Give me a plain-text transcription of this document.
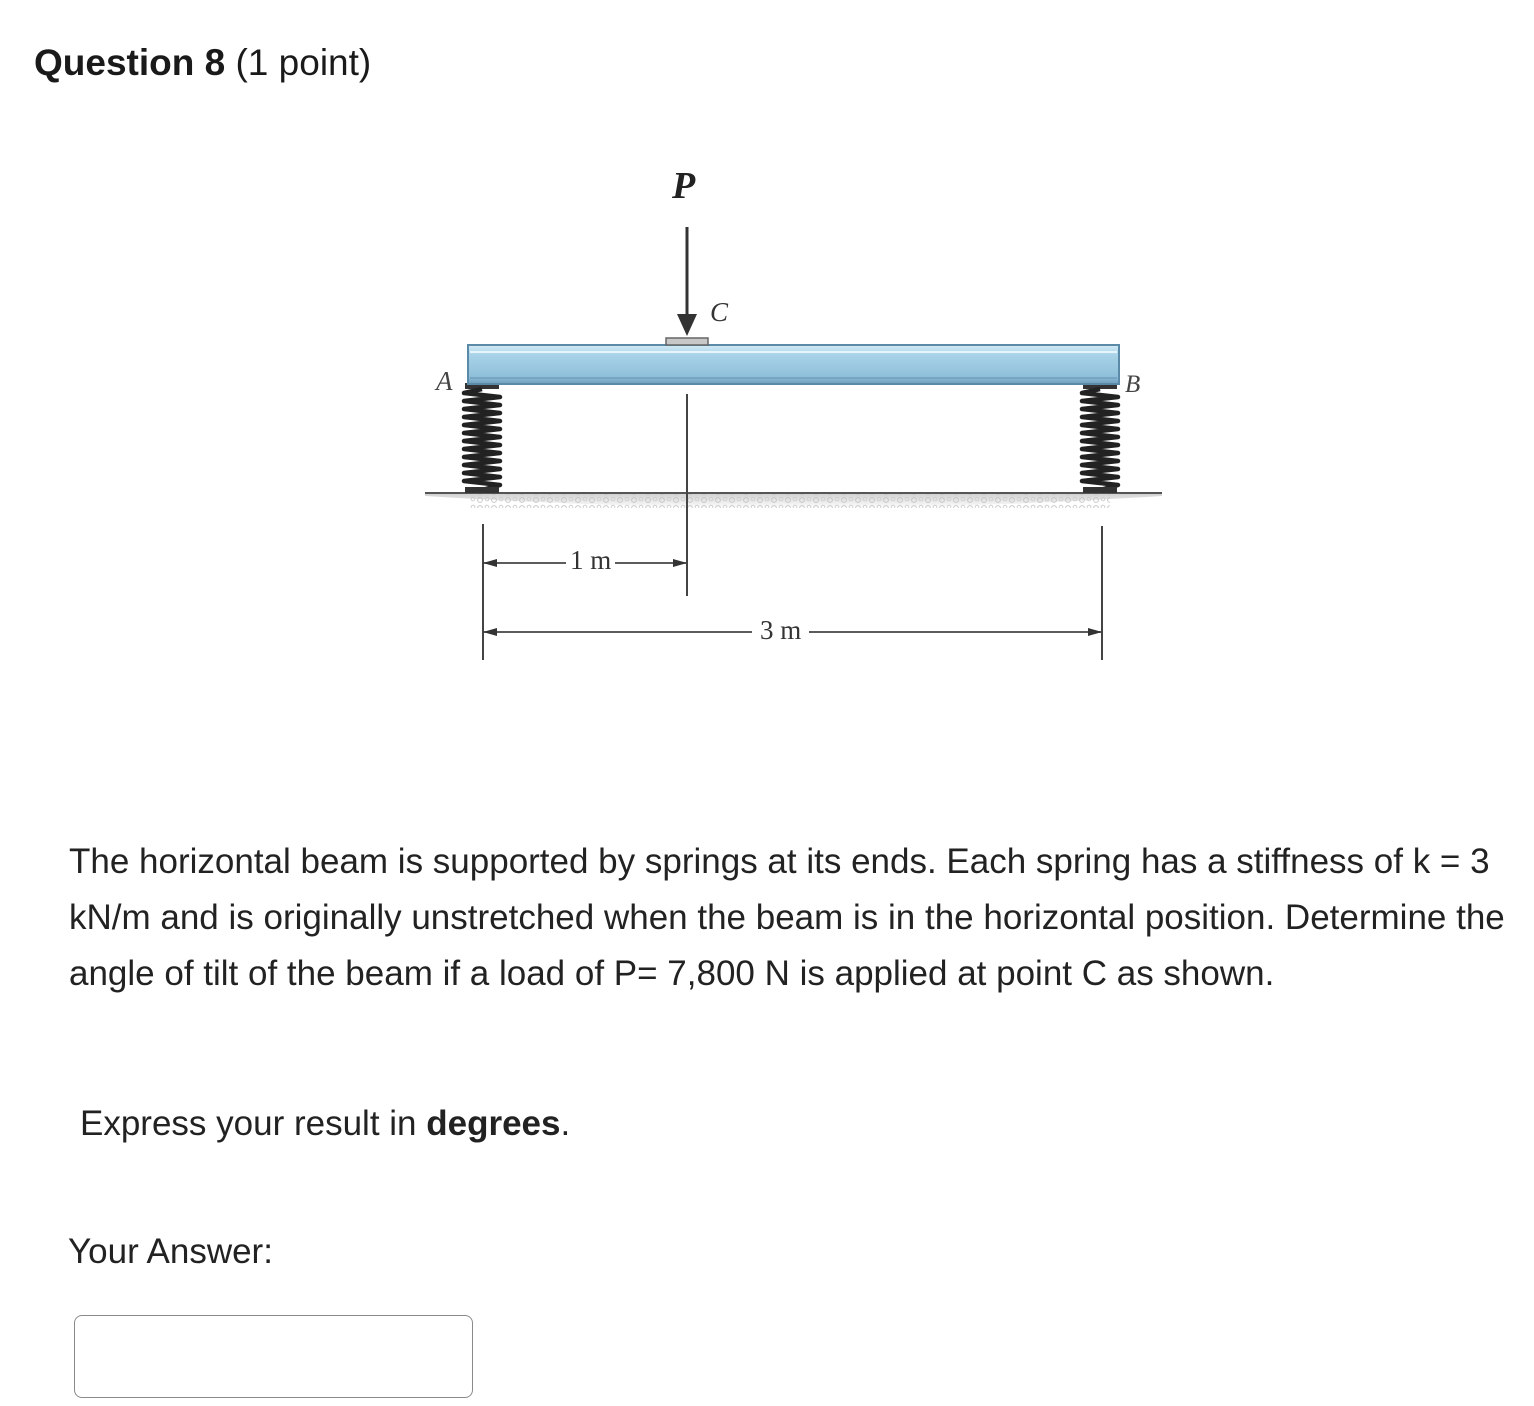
Question 8 (1 point)
P
C
A	B
1 m
3 m

The horizontal beam is supported by springs at its ends. Each spring has a stiffness of k = 3 kN/m and is originally unstretched when the beam is in the horizontal position. Determine the angle of tilt of the beam if a load of P= 7,800 N is applied at point C as shown.

Express your result in degrees.
Your Answer:
